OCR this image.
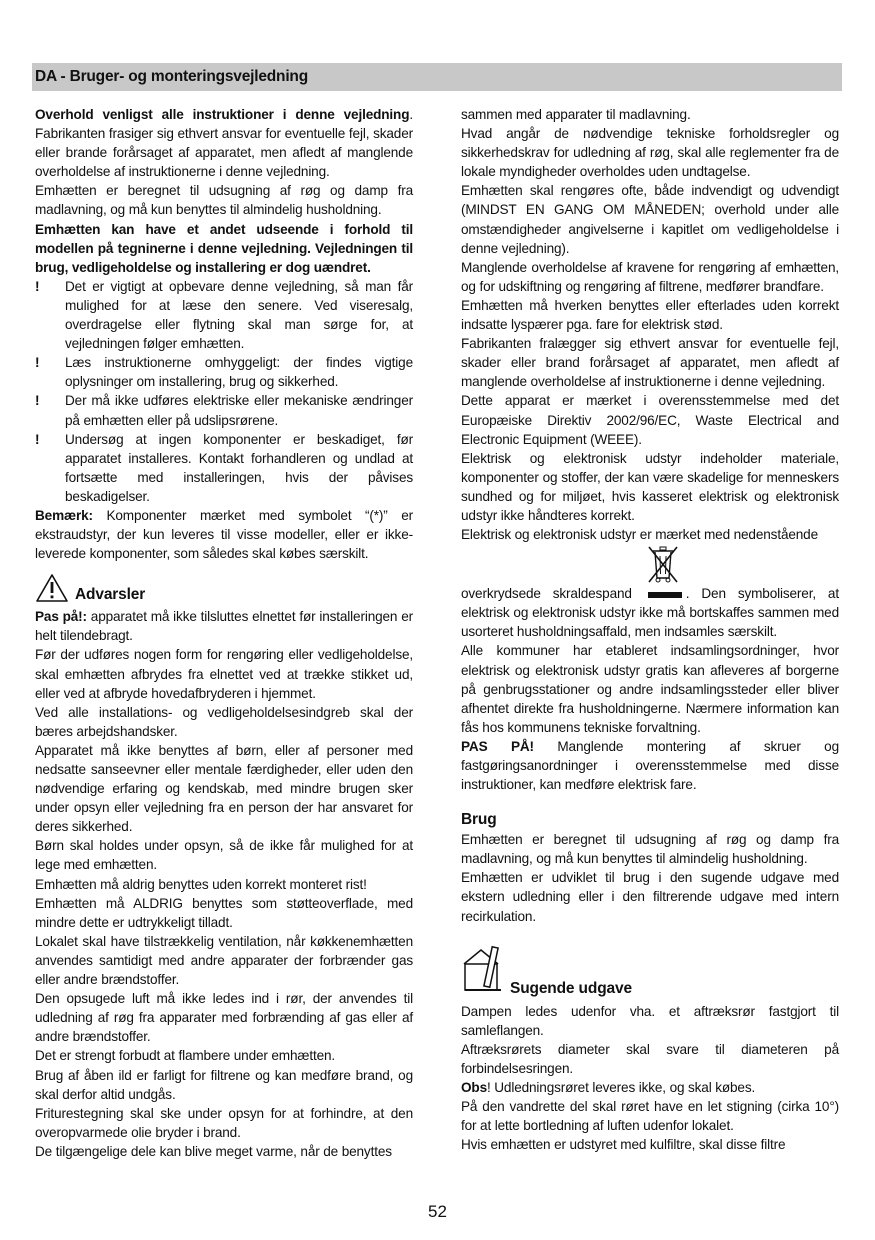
DA - Bruger- og monteringsvejledning
Overhold venligst alle instruktioner i denne vejledning. Fabrikanten frasiger sig ethvert ansvar for eventuelle fejl, skader eller brande forårsaget af apparatet, men afledt af manglende overholdelse af instruktionerne i denne vejledning.
Emhætten er beregnet til udsugning af røg og damp fra madlavning, og må kun benyttes til almindelig husholdning.
Emhætten kan have et andet udseende i forhold til modellen på tegninerne i denne vejledning. Vejledningen til brug, vedligeholdelse og installering er dog uændret.
! Det er vigtigt at opbevare denne vejledning, så man får mulighed for at læse den senere. Ved viseresalg, overdragelse eller flytning skal man sørge for, at vejledningen følger emhætten.
! Læs instruktionerne omhyggeligt: der findes vigtige oplysninger om installering, brug og sikkerhed.
! Der må ikke udføres elektriske eller mekaniske ændringer på emhætten eller på udslipsrørene.
! Undersøg at ingen komponenter er beskadiget, før apparatet installeres. Kontakt forhandleren og undlad at fortsætte med installeringen, hvis der påvises beskadigelser.
Bemærk: Komponenter mærket med symbolet “(*)” er ekstraudstyr, der kun leveres til visse modeller, eller er ikke-leverede komponenter, som således skal købes særskilt.
Advarsler
Pas på!: apparatet må ikke tilsluttes elnettet før installeringen er helt tilendebragt.
Før der udføres nogen form for rengøring eller vedligeholdelse, skal emhætten afbrydes fra elnettet ved at trække stikket ud, eller ved at afbryde hovedafbryderen i hjemmet.
Ved alle installations- og vedligeholdelsesindgreb skal der bæres arbejdshandsker.
Apparatet må ikke benyttes af børn, eller af personer med nedsatte sanseevner eller mentale færdigheder, eller uden den nødvendige erfaring og kendskab, med mindre brugen sker under opsyn eller vejledning fra en person der har ansvaret for deres sikkerhed.
Børn skal holdes under opsyn, så de ikke får mulighed for at lege med emhætten.
Emhætten må aldrig benyttes uden korrekt monteret rist!
Emhætten må ALDRIG benyttes som støtteoverflade, med mindre dette er udtrykkeligt tilladt.
Lokalet skal have tilstrækkelig ventilation, når køkkenemhætten anvendes samtidigt med andre apparater der forbrænder gas eller andre brændstoffer.
Den opsugede luft må ikke ledes ind i rør, der anvendes til udledning af røg fra apparater med forbrænding af gas eller af andre brændstoffer.
Det er strengt forbudt at flambere under emhætten.
Brug af åben ild er farligt for filtrene og kan medføre brand, og skal derfor altid undgås.
Friturestegning skal ske under opsyn for at forhindre, at den overopvarmede olie bryder i brand.
De tilgængelige dele kan blive meget varme, når de benyttes
sammen med apparater til madlavning.
Hvad angår de nødvendige tekniske forholdsregler og sikkerhedskrav for udledning af røg, skal alle reglementer fra de lokale myndigheder overholdes uden undtagelse.
Emhætten skal rengøres ofte, både indvendigt og udvendigt (MINDST EN GANG OM MÅNEDEN; overhold under alle omstændigheder angivelserne i kapitlet om vedligeholdelse i denne vejledning).
Manglende overholdelse af kravene for rengøring af emhætten, og for udskiftning og rengøring af filtrene, medfører brandfare.
Emhætten må hverken benyttes eller efterlades uden korrekt indsatte lyspærer pga. fare for elektrisk stød.
Fabrikanten fralægger sig ethvert ansvar for eventuelle fejl, skader eller brand forårsaget af apparatet, men afledt af manglende overholdelse af instruktionerne i denne vejledning.
Dette apparat er mærket i overensstemmelse med det Europæiske Direktiv 2002/96/EC, Waste Electrical and Electronic Equipment (WEEE).
Elektrisk og elektronisk udstyr indeholder materiale, komponenter og stoffer, der kan være skadelige for menneskers sundhed og for miljøet, hvis kasseret elektrisk og elektronisk udstyr ikke håndteres korrekt.
Elektrisk og elektronisk udstyr er mærket med nedenstående
overkrydsede skraldespand	. Den symboliserer, at elektrisk og elektronisk udstyr ikke må bortskaffes sammen med usorteret husholdningsaffald, men indsamles særskilt.
Alle kommuner har etableret indsamlingsordninger, hvor elektrisk og elektronisk udstyr gratis kan afleveres af borgerne på genbrugsstationer og andre indsamlingssteder eller bliver afhentet direkte fra husholdningerne. Nærmere information kan fås hos kommunens tekniske forvaltning.
PAS PÅ! Manglende montering af skruer og fastgøringsanordninger i overensstemmelse med disse instruktioner, kan medføre elektrisk fare.
Brug
Emhætten er beregnet til udsugning af røg og damp fra madlavning, og må kun benyttes til almindelig husholdning.
Emhætten er udviklet til brug i den sugende udgave med ekstern udledning eller i den filtrerende udgave med intern recirkulation.
Sugende udgave
Dampen ledes udenfor vha. et aftræksrør fastgjort til samleflangen.
Aftræksrørets diameter skal svare til diameteren på forbindelsesringen.
Obs! Udledningsrøret leveres ikke, og skal købes.
På den vandrette del skal røret have en let stigning (cirka 10°) for at lette bortledning af luften udenfor lokalet.
Hvis emhætten er udstyret med kulfiltre, skal disse filtre
52
